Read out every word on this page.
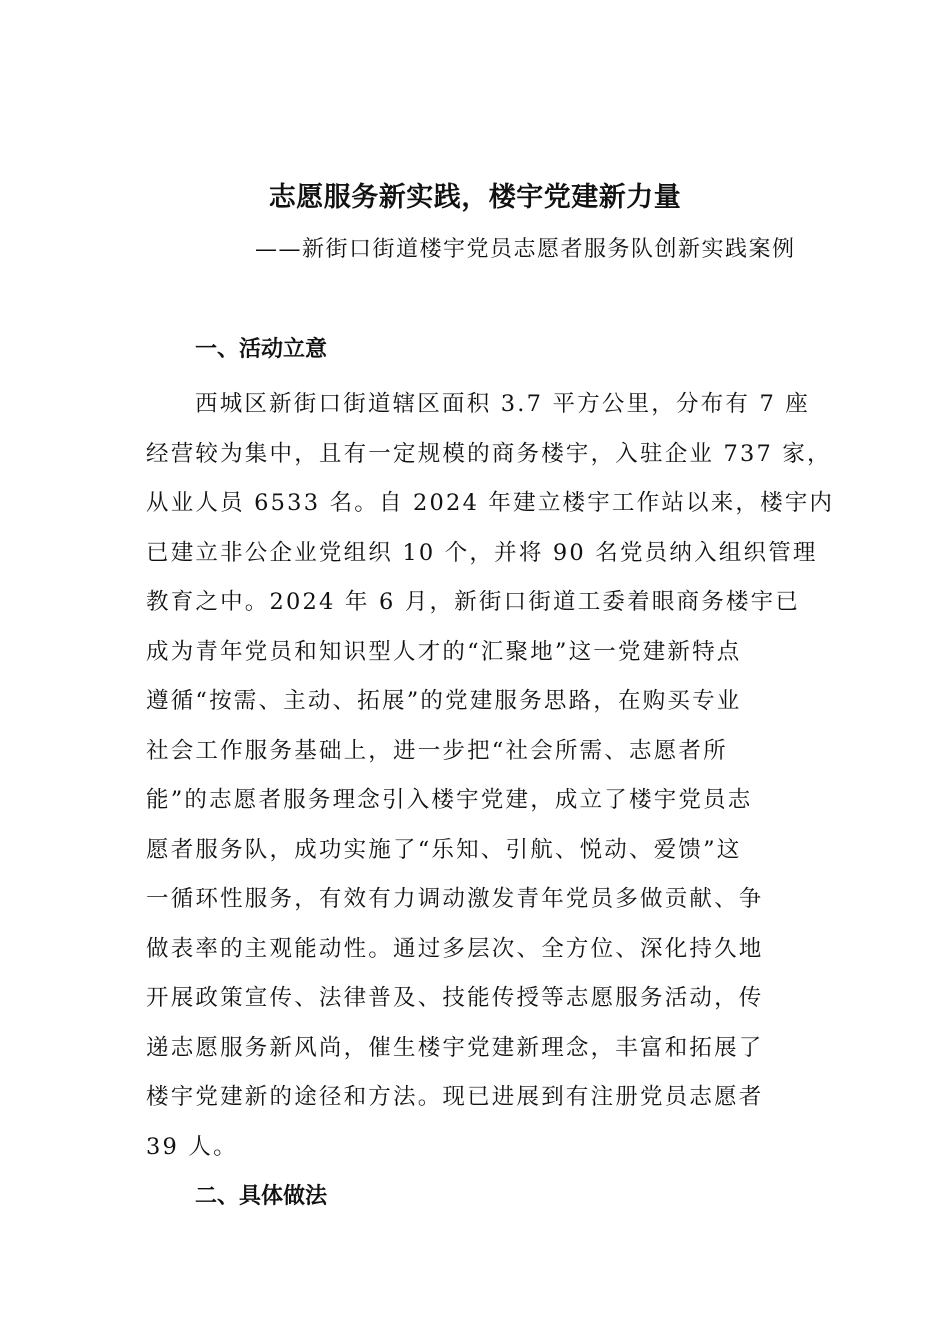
志愿服务新实践，楼宇党建新力量
——新街口街道楼宇党员志愿者服务队创新实践案例
一、活动立意
西城区新街口街道辖区面积 3.7 平方公里，分布有 7 座
经营较为集中，且有一定规模的商务楼宇，入驻企业 737 家，
从业人员 6533 名。自 2024 年建立楼宇工作站以来，楼宇内
已建立非公企业党组织 10 个，并将 90 名党员纳入组织管理
教育之中。2024 年 6 月，新街口街道工委着眼商务楼宇已
成为青年党员和知识型人才的“汇聚地”这一党建新特点
遵循“按需、主动、拓展”的党建服务思路，在购买专业
社会工作服务基础上，进一步把“社会所需、志愿者所
能”的志愿者服务理念引入楼宇党建，成立了楼宇党员志
愿者服务队，成功实施了“乐知、引航、悦动、爱馈”这
一循环性服务，有效有力调动激发青年党员多做贡献、争
做表率的主观能动性。通过多层次、全方位、深化持久地
开展政策宣传、法律普及、技能传授等志愿服务活动，传
递志愿服务新风尚，催生楼宇党建新理念，丰富和拓展了
楼宇党建新的途径和方法。现已进展到有注册党员志愿者
39 人。
二、具体做法
